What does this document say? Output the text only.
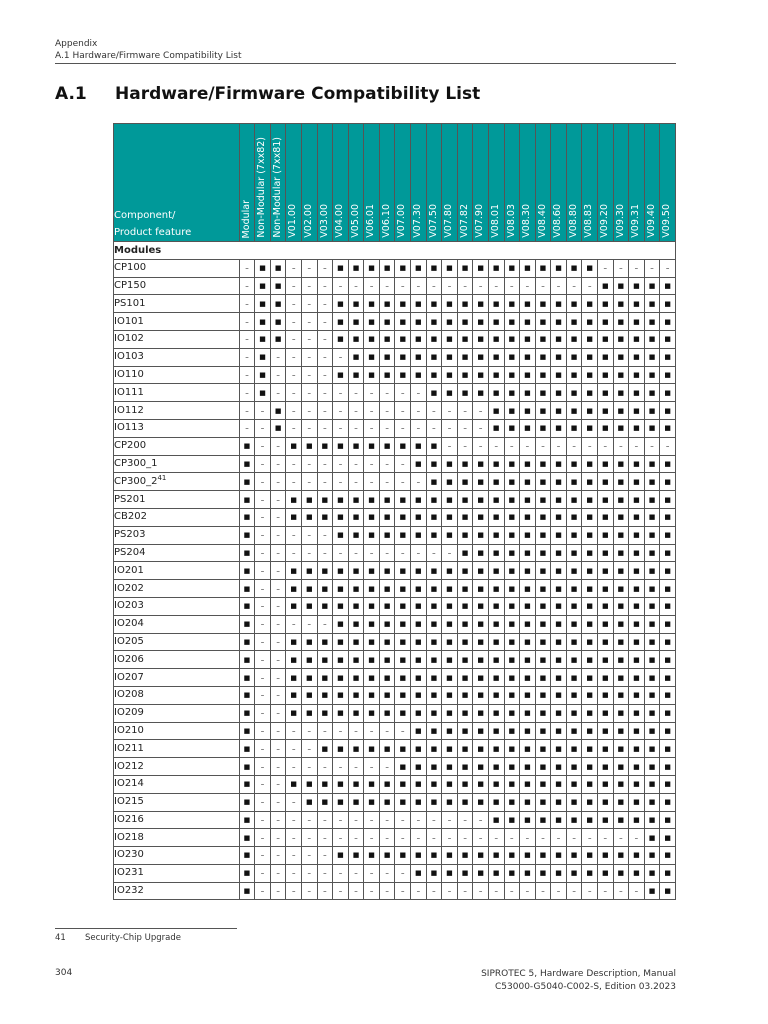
Appendix
A.1 Hardware/Firmware Compatibility List
A.1 Hardware/Firmware Compatibility List
Component/
Product feature	Modular	Non-Modular (7xx82)	Non-Modular (7xx81)	V01.00	V02.00	V03.00	V04.00	V05.00	V06.01	V06.10	V07.00	V07.30	V07.50	V07.80	V07.82	V07.90	V08.01	V08.03	V08.30	V08.40	V08.60	V08.80	V08.83	V09.20	V09.30	V09.31	V09.40	V09.50

Modules																												
CP100	–	■	■	–	–	–	■	■	■	■	■	■	■	■	■	■	■	■	■	■	■	■	■	–	–	–	–	–
CP150	–	■	■	–	–	–	–	–	–	–	–	–	–	–	–	–	–	–	–	–	–	–	–	■	■	■	■	■
PS101	–	■	■	–	–	–	■	■	■	■	■	■	■	■	■	■	■	■	■	■	■	■	■	■	■	■	■	■
IO101	–	■	■	–	–	–	■	■	■	■	■	■	■	■	■	■	■	■	■	■	■	■	■	■	■	■	■	■
IO102	–	■	■	–	–	–	■	■	■	■	■	■	■	■	■	■	■	■	■	■	■	■	■	■	■	■	■	■
IO103	–	■	–	–	–	–	–	■	■	■	■	■	■	■	■	■	■	■	■	■	■	■	■	■	■	■	■	■
IO110	–	■	–	–	–	–	■	■	■	■	■	■	■	■	■	■	■	■	■	■	■	■	■	■	■	■	■	■
IO111	–	■	–	–	–	–	–	–	–	–	–	–	■	■	■	■	■	■	■	■	■	■	■	■	■	■	■	■
IO112	–	–	■	–	–	–	–	–	–	–	–	–	–	–	–	–	■	■	■	■	■	■	■	■	■	■	■	■
IO113	–	–	■	–	–	–	–	–	–	–	–	–	–	–	–	–	■	■	■	■	■	■	■	■	■	■	■	■
CP200	■	–	–	■	■	■	■	■	■	■	■	■	■	–	–	–	–	–	–	–	–	–	–	–	–	–	–	–
CP300_1	■	–	–	–	–	–	–	–	–	–	–	■	■	■	■	■	■	■	■	■	■	■	■	■	■	■	■	■
$CP300\_2^{41}$	■	–	–	–	–	–	–	–	–	–	–	–	■	■	■	■	■	■	■	■	■	■	■	■	■	■	■	■
PS201	■	–	–	■	■	■	■	■	■	■	■	■	■	■	■	■	■	■	■	■	■	■	■	■	■	■	■	■
CB202	■	–	–	■	■	■	■	■	■	■	■	■	■	■	■	■	■	■	■	■	■	■	■	■	■	■	■	■
PS203	■	–	–	–	–	–	■	■	■	■	■	■	■	■	■	■	■	■	■	■	■	■	■	■	■	■	■	■
PS204	■	–	–	–	–	–	–	–	–	–	–	–	–	–	■	■	■	■	■	■	■	■	■	■	■	■	■	■
IO201	■	–	–	■	■	■	■	■	■	■	■	■	■	■	■	■	■	■	■	■	■	■	■	■	■	■	■	■
IO202	■	–	–	■	■	■	■	■	■	■	■	■	■	■	■	■	■	■	■	■	■	■	■	■	■	■	■	■
IO203	■	–	–	■	■	■	■	■	■	■	■	■	■	■	■	■	■	■	■	■	■	■	■	■	■	■	■	■
IO204	■	–	–	–	–	–	■	■	■	■	■	■	■	■	■	■	■	■	■	■	■	■	■	■	■	■	■	■
IO205	■	–	–	■	■	■	■	■	■	■	■	■	■	■	■	■	■	■	■	■	■	■	■	■	■	■	■	■
IO206	■	–	–	■	■	■	■	■	■	■	■	■	■	■	■	■	■	■	■	■	■	■	■	■	■	■	■	■
IO207	■	–	–	■	■	■	■	■	■	■	■	■	■	■	■	■	■	■	■	■	■	■	■	■	■	■	■	■
IO208	■	–	–	■	■	■	■	■	■	■	■	■	■	■	■	■	■	■	■	■	■	■	■	■	■	■	■	■
IO209	■	–	–	■	■	■	■	■	■	■	■	■	■	■	■	■	■	■	■	■	■	■	■	■	■	■	■	■
IO210	■	–	–	–	–	–	–	–	–	–	–	■	■	■	■	■	■	■	■	■	■	■	■	■	■	■	■	■
IO211	■	–	–	–	–	■	■	■	■	■	■	■	■	■	■	■	■	■	■	■	■	■	■	■	■	■	■	■
IO212	■	–	–	–	–	–	–	–	–	–	■	■	■	■	■	■	■	■	■	■	■	■	■	■	■	■	■	■
IO214	■	–	–	■	■	■	■	■	■	■	■	■	■	■	■	■	■	■	■	■	■	■	■	■	■	■	■	■
IO215	■	–	–	–	■	■	■	■	■	■	■	■	■	■	■	■	■	■	■	■	■	■	■	■	■	■	■	■
IO216	■	–	–	–	–	–	–	–	–	–	–	–	–	–	–	–	■	■	■	■	■	■	■	■	■	■	■	■
IO218	■	–	–	–	–	–	–	–	–	–	–	–	–	–	–	–	–	–	–	–	–	–	–	–	–	–	■	■
IO230	■	–	–	–	–	–	■	■	■	■	■	■	■	■	■	■	■	■	■	■	■	■	■	■	■	■	■	■
IO231	■	–	–	–	–	–	–	–	–	–	–	■	■	■	■	■	■	■	■	■	■	■	■	■	■	■	■	■
IO232	■	–	–	–	–	–	–	–	–	–	–	–	–	–	–	–	–	–	–	–	–	–	–	–	–	–	■	■
41 Security-Chip Upgrade
304	SIPROTEC 5, Hardware Description, Manual
C53000-G5040-C002-S, Edition 03.2023
